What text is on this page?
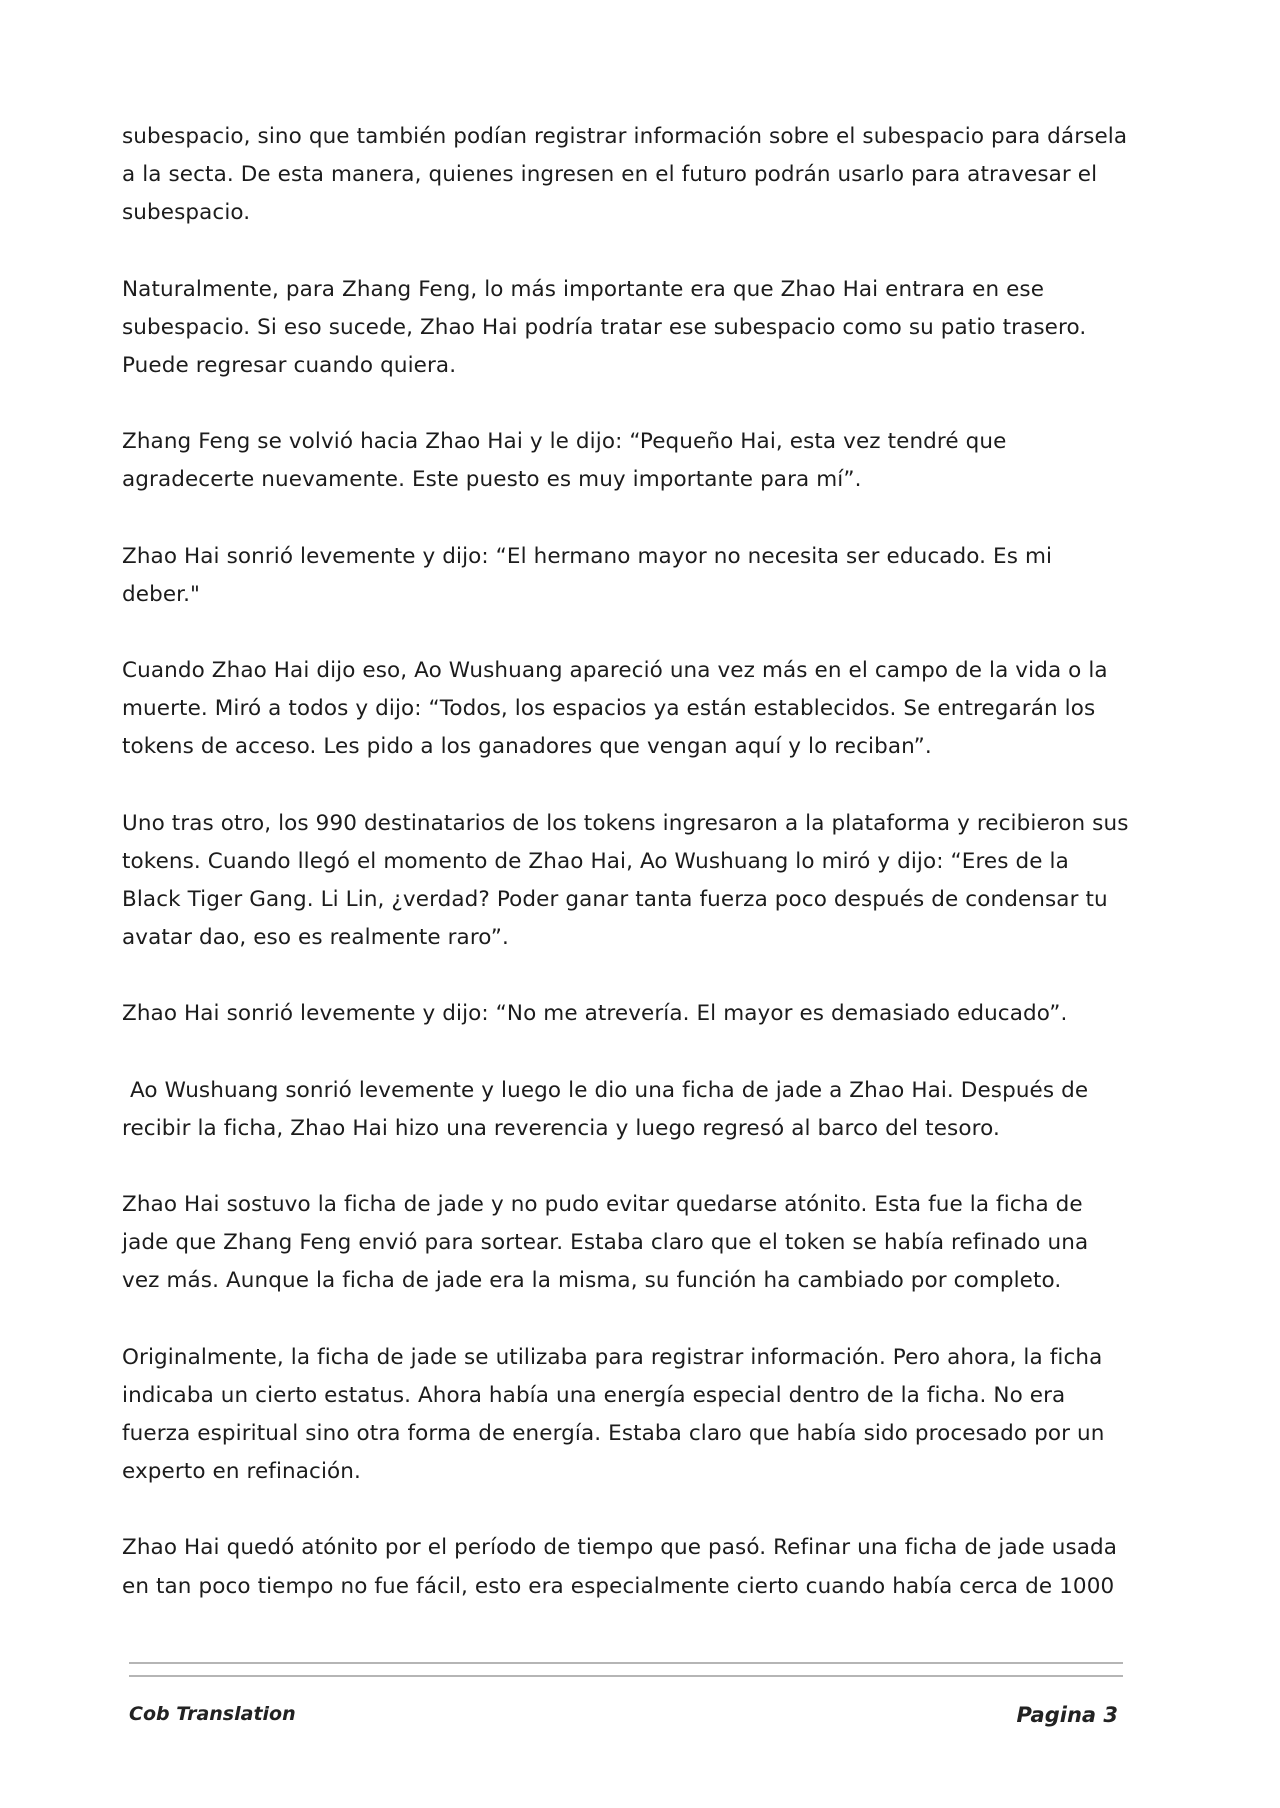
subespacio, sino que también podían registrar información sobre el subespacio para dársela a la secta. De esta manera, quienes ingresen en el futuro podrán usarlo para atravesar el subespacio.

Naturalmente, para Zhang Feng, lo más importante era que Zhao Hai entrara en ese subespacio. Si eso sucede, Zhao Hai podría tratar ese subespacio como su patio trasero. Puede regresar cuando quiera.

Zhang Feng se volvió hacia Zhao Hai y le dijo: “Pequeño Hai, esta vez tendré que agradecerte nuevamente. Este puesto es muy importante para mí”.

Zhao Hai sonrió levemente y dijo: “El hermano mayor no necesita ser educado. Es mi deber."

Cuando Zhao Hai dijo eso, Ao Wushuang apareció una vez más en el campo de la vida o la muerte. Miró a todos y dijo: “Todos, los espacios ya están establecidos. Se entregarán los tokens de acceso. Les pido a los ganadores que vengan aquí y lo reciban”.

Uno tras otro, los 990 destinatarios de los tokens ingresaron a la plataforma y recibieron sus tokens. Cuando llegó el momento de Zhao Hai, Ao Wushuang lo miró y dijo: “Eres de la Black Tiger Gang. Li Lin, ¿verdad? Poder ganar tanta fuerza poco después de condensar tu avatar dao, eso es realmente raro”.

Zhao Hai sonrió levemente y dijo: “No me atrevería. El mayor es demasiado educado”.

Ao Wushuang sonrió levemente y luego le dio una ficha de jade a Zhao Hai. Después de recibir la ficha, Zhao Hai hizo una reverencia y luego regresó al barco del tesoro.

Zhao Hai sostuvo la ficha de jade y no pudo evitar quedarse atónito. Esta fue la ficha de jade que Zhang Feng envió para sortear. Estaba claro que el token se había refinado una vez más. Aunque la ficha de jade era la misma, su función ha cambiado por completo.

Originalmente, la ficha de jade se utilizaba para registrar información. Pero ahora, la ficha indicaba un cierto estatus. Ahora había una energía especial dentro de la ficha. No era fuerza espiritual sino otra forma de energía. Estaba claro que había sido procesado por un experto en refinación.

Zhao Hai quedó atónito por el período de tiempo que pasó. Refinar una ficha de jade usada en tan poco tiempo no fue fácil, esto era especialmente cierto cuando había cerca de 1000

Cob Translation	Pagina 3
